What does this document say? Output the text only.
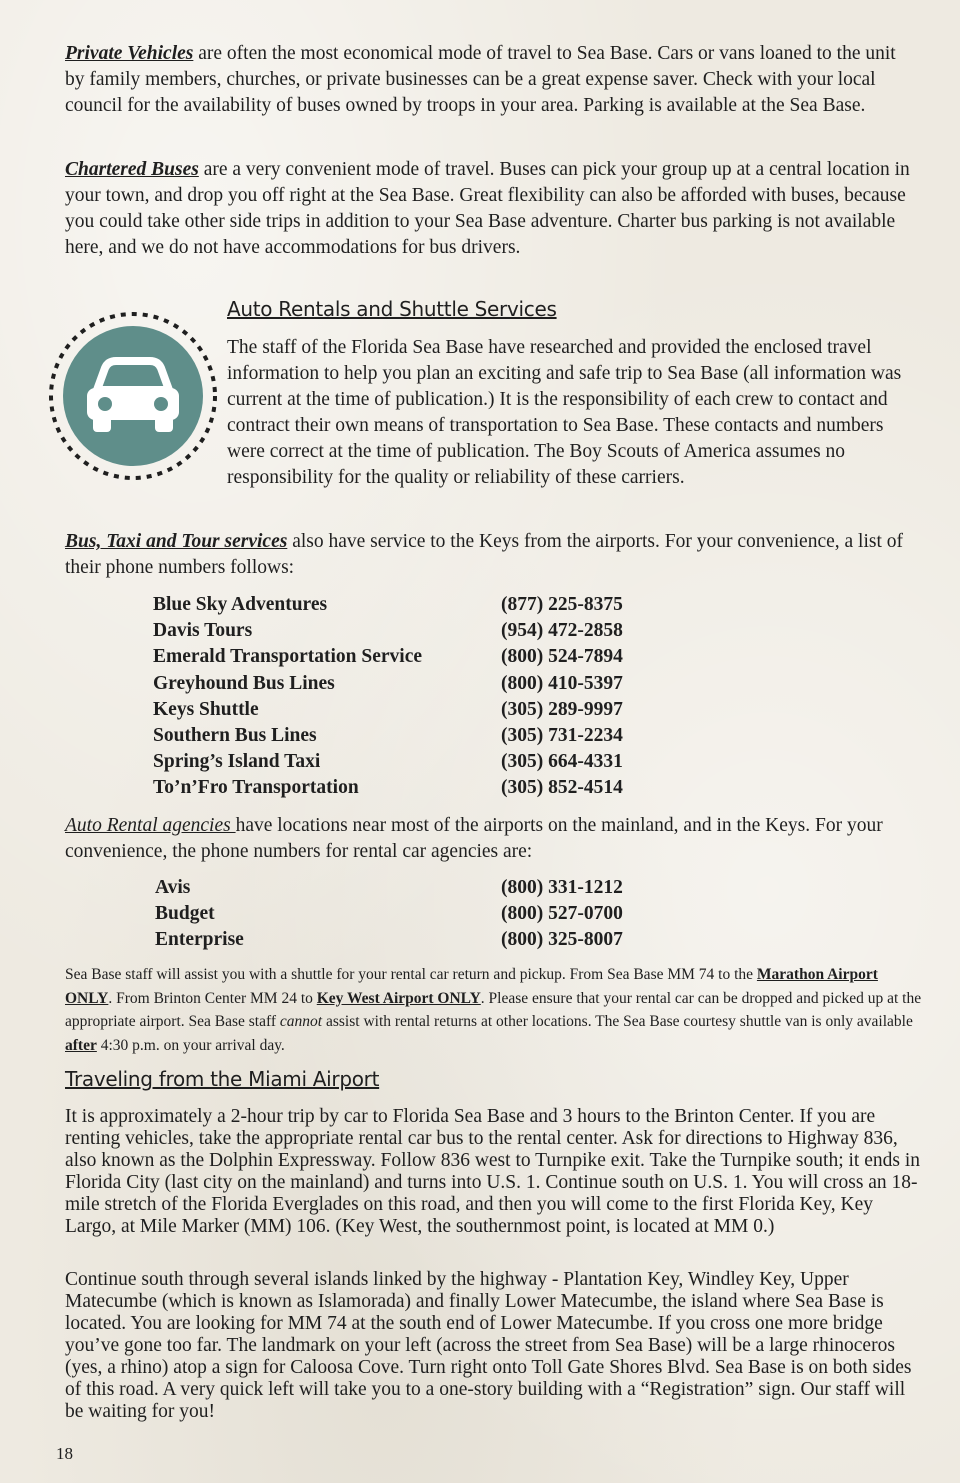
Private Vehicles are often the most economical mode of travel to Sea Base. Cars or vans loaned to the unit by family members, churches, or private businesses can be a great expense saver. Check with your local council for the availability of buses owned by troops in your area. Parking is available at the Sea Base.

Chartered Buses are a very convenient mode of travel. Buses can pick your group up at a central location in your town, and drop you off right at the Sea Base. Great flexibility can also be afforded with buses, because you could take other side trips in addition to your Sea Base adventure. Charter bus parking is not available here, and we do not have accommodations for bus drivers.

Auto Rentals and Shuttle Services

The staff of the Florida Sea Base have researched and provided the enclosed travel information to help you plan an exciting and safe trip to Sea Base (all information was current at the time of publication.) It is the responsibility of each crew to contact and contract their own means of transportation to Sea Base. These contacts and numbers were correct at the time of publication. The Boy Scouts of America assumes no responsibility for the quality or reliability of these carriers.

Bus, Taxi and Tour services also have service to the Keys from the airports. For your convenience, a list of their phone numbers follows:

Blue Sky Adventures	(877) 225-8375
Davis Tours	(954) 472-2858
Emerald Transportation Service	(800) 524-7894
Greyhound Bus Lines	(800) 410-5397
Keys Shuttle	(305) 289-9997
Southern Bus Lines	(305) 731-2234
Spring’s Island Taxi	(305) 664-4331
To’n’Fro Transportation	(305) 852-4514

Auto Rental agencies have locations near most of the airports on the mainland, and in the Keys. For your convenience, the phone numbers for rental car agencies are:

Avis	(800) 331-1212
Budget	(800) 527-0700
Enterprise	(800) 325-8007

Sea Base staff will assist you with a shuttle for your rental car return and pickup. From Sea Base MM 74 to the Marathon Airport ONLY. From Brinton Center MM 24 to Key West Airport ONLY. Please ensure that your rental car can be dropped and picked up at the appropriate airport. Sea Base staff cannot assist with rental returns at other locations. The Sea Base courtesy shuttle van is only available after 4:30 p.m. on your arrival day.

Traveling from the Miami Airport

It is approximately a 2-hour trip by car to Florida Sea Base and 3 hours to the Brinton Center. If you are renting vehicles, take the appropriate rental car bus to the rental center. Ask for directions to Highway 836, also known as the Dolphin Expressway. Follow 836 west to Turnpike exit. Take the Turnpike south; it ends in Florida City (last city on the mainland) and turns into U.S. 1. Continue south on U.S. 1. You will cross an 18-mile stretch of the Florida Everglades on this road, and then you will come to the first Florida Key, Key Largo, at Mile Marker (MM) 106. (Key West, the southernmost point, is located at MM 0.)

Continue south through several islands linked by the highway - Plantation Key, Windley Key, Upper Matecumbe (which is known as Islamorada) and finally Lower Matecumbe, the island where Sea Base is located. You are looking for MM 74 at the south end of Lower Matecumbe. If you cross one more bridge you’ve gone too far. The landmark on your left (across the street from Sea Base) will be a large rhinoceros (yes, a rhino) atop a sign for Caloosa Cove. Turn right onto Toll Gate Shores Blvd. Sea Base is on both sides of this road. A very quick left will take you to a one-story building with a “Registration” sign. Our staff will be waiting for you!

18
